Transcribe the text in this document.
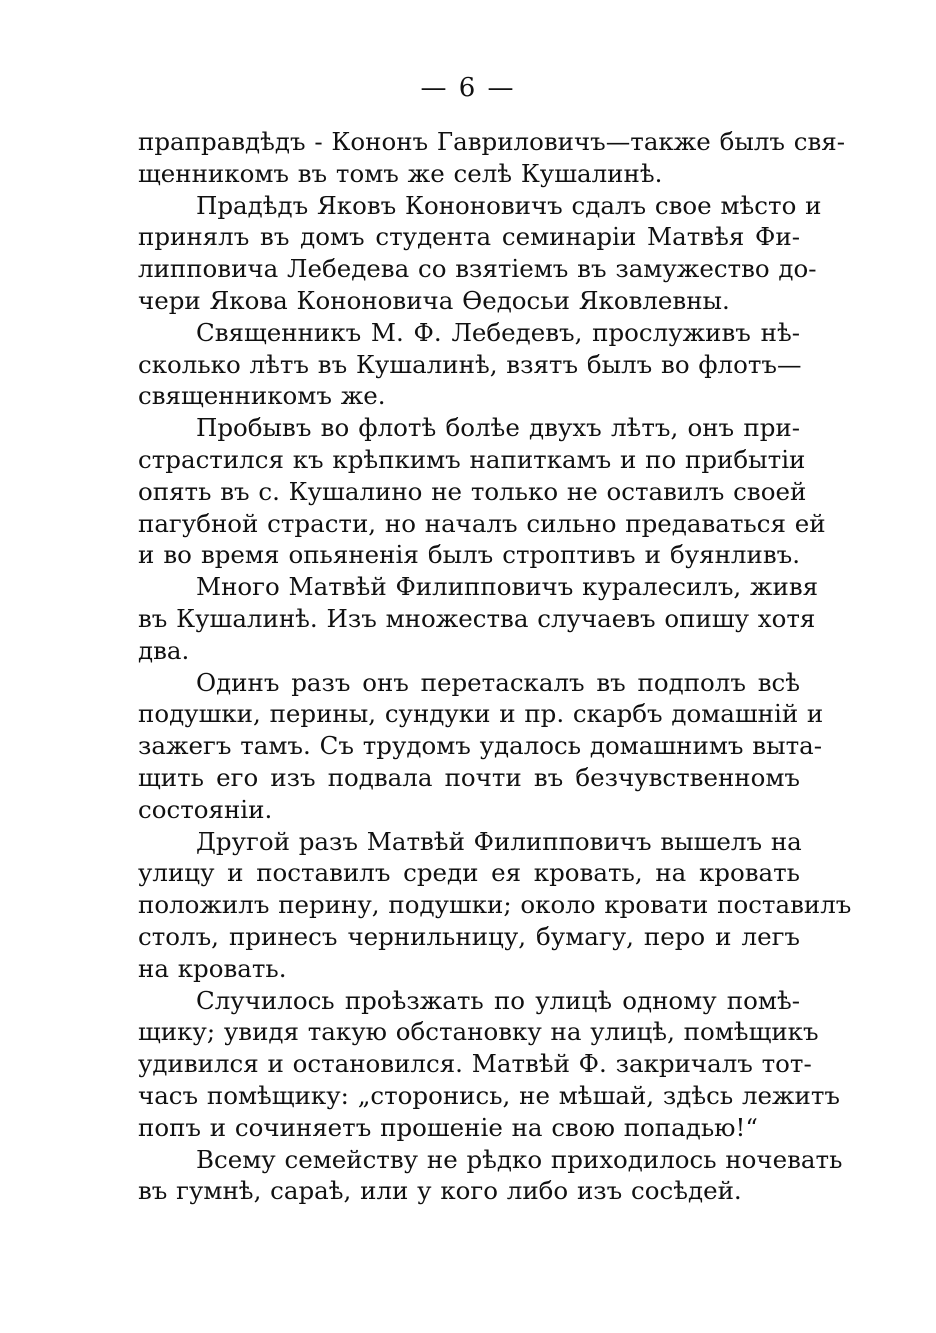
— 6 —

праправдѣдъ - Кононъ Гавриловичъ—также былъ свя-
щенникомъ въ томъ же селѣ Кушалинѣ.

Прадѣдъ Яковъ Кононовичъ сдалъ свое мѣсто и
принялъ въ домъ студента семинаріи Матвѣя Фи-
липповича Лебедева со взятіемъ въ замужество до-
чери Якова Кононовича Ѳедосьи Яковлевны.

Священникъ М. Ф. Лебедевъ, прослуживъ нѣ-
сколько лѣтъ въ Кушалинѣ, взятъ былъ во флотъ—
священникомъ же.

Пробывъ во флотѣ болѣе двухъ лѣтъ, онъ при-
страстился къ крѣпкимъ напиткамъ и по прибытіи
опять въ с. Кушалино не только не оставилъ своей
пагубной страсти, но началъ сильно предаваться ей
и во время опьяненія былъ строптивъ и буянливъ.

Много Матвѣй Филипповичъ куралесилъ, живя
въ Кушалинѣ. Изъ множества случаевъ опишу хотя
два.

Одинъ разъ онъ перетаскалъ въ подполъ всѣ
подушки, перины, сундуки и пр. скарбъ домашній и
зажегъ тамъ. Съ трудомъ удалось домашнимъ выта-
щить его изъ подвала почти въ безчувственномъ
состояніи.

Другой разъ Матвѣй Филипповичъ вышелъ на
улицу и поставилъ среди ея кровать, на кровать
положилъ перину, подушки; около кровати поставилъ
столъ, принесъ чернильницу, бумагу, перо и легъ
на кровать.

Случилось проѣзжать по улицѣ одному помѣ-
щику; увидя такую обстановку на улицѣ, помѣщикъ
удивился и остановился. Матвѣй Ф. закричалъ тот-
часъ помѣщику: „сторонись, не мѣшай, здѣсь лежитъ
попъ и сочиняетъ прошеніе на свою попадью!“

Всему семейству не рѣдко приходилось ночевать
въ гумнѣ, сараѣ, или у кого либо изъ сосѣдей.
